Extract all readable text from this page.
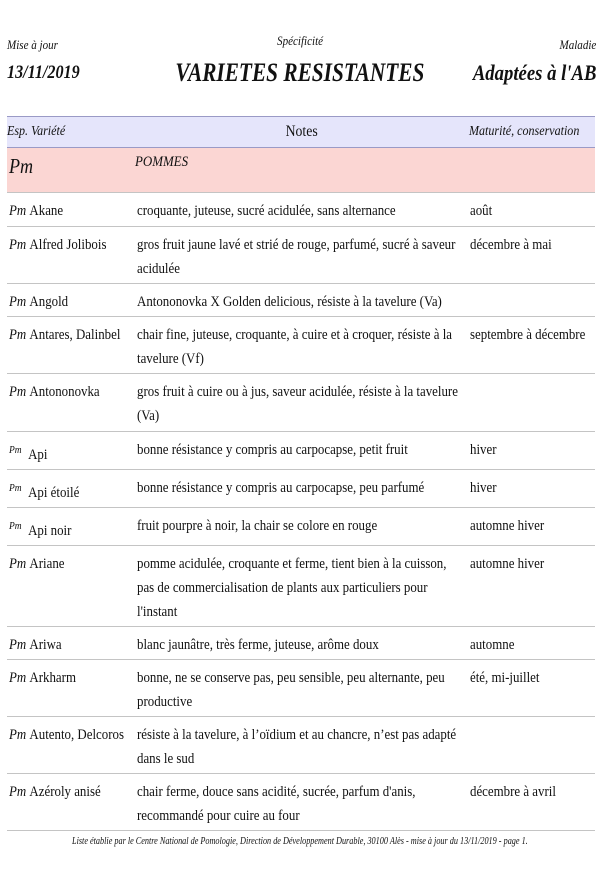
Mise à jour
13/11/2019
Spécificité
VARIETES RESISTANTES
Maladie
Adaptées à l'AB
Esp. Variété	Notes	Maturité, conservation
Pm	POMMES	

Pm Akane	croquante, juteuse, sucré acidulée, sans alternance	août

Pm Alfred Jolibois	gros fruit jaune lavé et strié de rouge, parfumé, sucré à saveur acidulée	décembre à mai

Pm Angold	Antononovka X Golden delicious, résiste à la tavelure (Va)	

Pm Antares, Dalinbel	chair fine, juteuse, croquante, à cuire et à croquer, résiste à la tavelure (Vf)	septembre à décembre

Pm Antononovka	gros fruit à cuire ou à jus, saveur acidulée, résiste à la tavelure (Va)	

$^{Pm}$ Api	bonne résistance y compris au carpocapse, petit fruit	hiver

$^{Pm}$ Api étoilé	bonne résistance y compris au carpocapse, peu parfumé	hiver

$^{Pm}$ Api noir	fruit pourpre à noir, la chair se colore en rouge	automne hiver

Pm Ariane	pomme acidulée, croquante et ferme, tient bien à la cuisson, pas de commercialisation de plants aux particuliers pour l'instant	automne hiver

Pm Ariwa	blanc jaunâtre, très ferme, juteuse, arôme doux	automne

Pm Arkharm	bonne, ne se conserve pas, peu sensible, peu alternante, peu productive	été, mi-juillet

Pm Autento, Delcoros	résiste à la tavelure, à l’oïdium et au chancre, n’est pas adapté dans le sud	

Pm Azéroly anisé	chair ferme, douce sans acidité, sucrée, parfum d'anis, recommandé pour cuire au four	décembre à avril
Liste établie par le Centre National de Pomologie, Direction de Développement Durable, 30100 Alès - mise à jour du 13/11/2019 - page 1.
